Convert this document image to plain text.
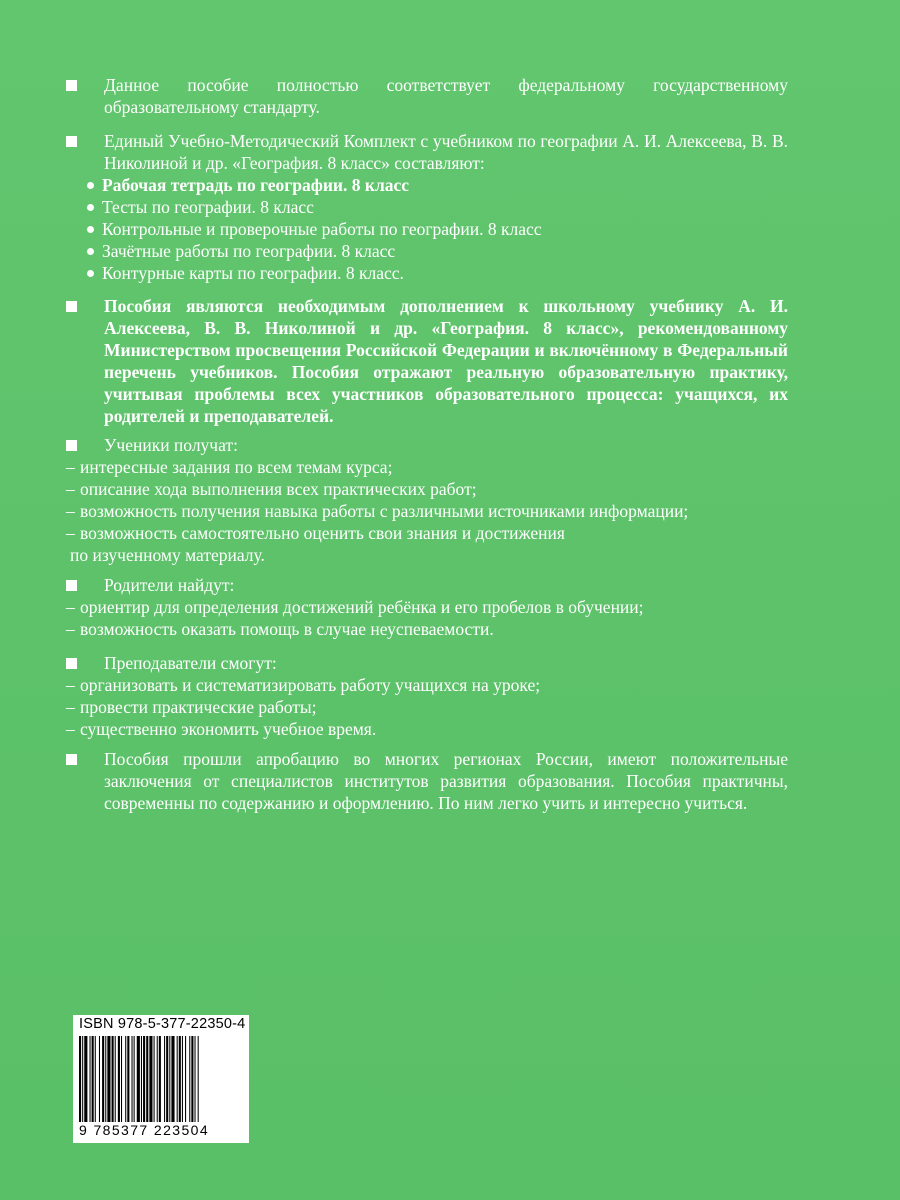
Данное пособие полностью соответствует федеральному государственному образовательному стандарту.
Единый Учебно-Методический Комплект с учебником по географии А. И. Алексеева, В. В. Николиной и др. «География. 8 класс» составляют:
Рабочая тетрадь по географии. 8 класс
Тесты по географии. 8 класс
Контрольные и проверочные работы по географии. 8 класс
Зачётные работы по географии. 8 класс
Контурные карты по географии. 8 класс.
Пособия являются необходимым дополнением к школьному учебнику А. И. Алексеева, В. В. Николиной и др. «География. 8 класс», рекомендованному Министерством просвещения Российской Федерации и включённому в Федеральный перечень учебников. Пособия отражают реальную образовательную практику, учитывая проблемы всех участников образовательного процесса: учащихся, их родителей и преподавателей.
Ученики получат:
– интересные задания по всем темам курса;
– описание хода выполнения всех практических работ;
– возможность получения навыка работы с различными источниками информации;
– возможность самостоятельно оценить свои знания и достижения
по изученному материалу.
Родители найдут:
– ориентир для определения достижений ребёнка и его пробелов в обучении;
– возможность оказать помощь в случае неуспеваемости.
Преподаватели смогут:
– организовать и систематизировать работу учащихся на уроке;
– провести практические работы;
– существенно экономить учебное время.
Пособия прошли апробацию во многих регионах России, имеют положительные заключения от специалистов институтов развития образования. Пособия практичны, современны по содержанию и оформлению. По ним легко учить и интересно учиться.
ISBN 978-5-377-22350-4
9 785377 223504
